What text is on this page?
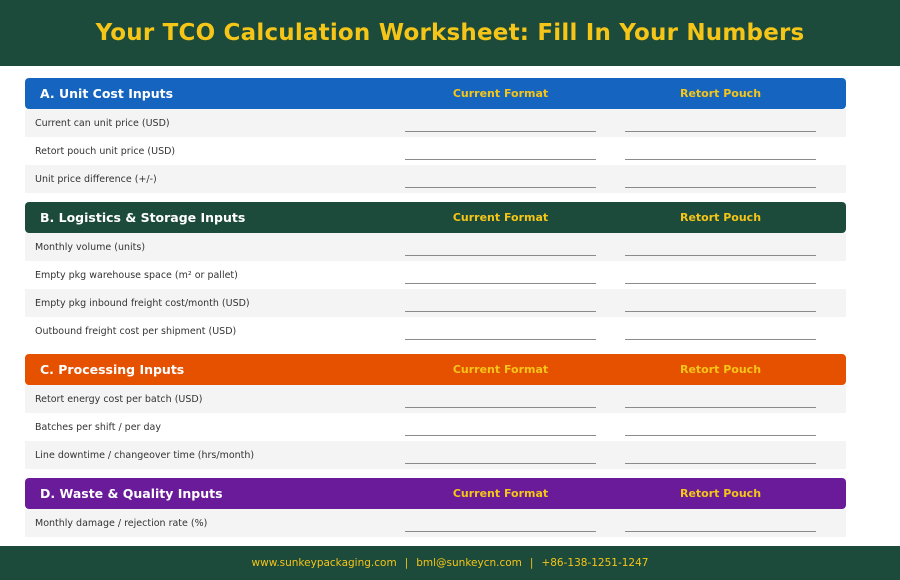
Your TCO Calculation Worksheet: Fill In Your Numbers
A. Unit Cost Inputs	Current Format	Retort Pouch
Current can unit price (USD)
Retort pouch unit price (USD)
Unit price difference (+/-)
B. Logistics & Storage Inputs	Current Format	Retort Pouch
Monthly volume (units)
Empty pkg warehouse space (m² or pallet)
Empty pkg inbound freight cost/month (USD)
Outbound freight cost per shipment (USD)
C. Processing Inputs	Current Format	Retort Pouch
Retort energy cost per batch (USD)
Batches per shift / per day
Line downtime / changeover time (hrs/month)
D. Waste & Quality Inputs	Current Format	Retort Pouch
Monthly damage / rejection rate (%)
www.sunkeypackaging.com | bml@sunkeycn.com | +86-138-1251-1247
